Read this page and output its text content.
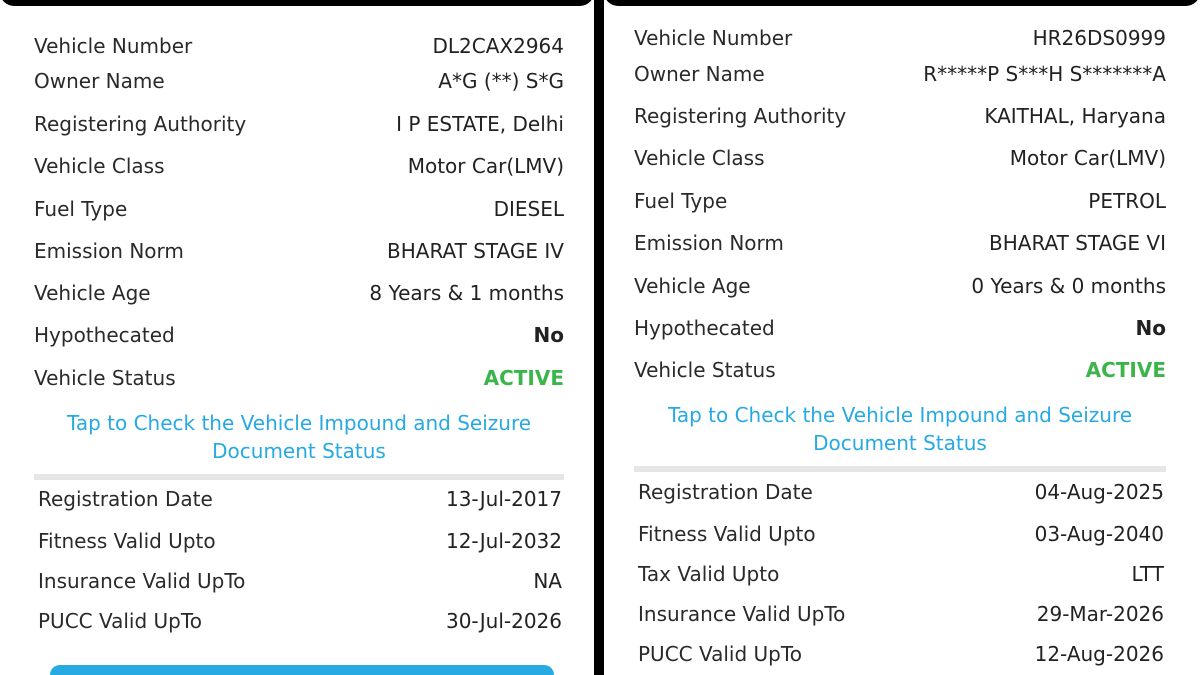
Vehicle Number	DL2CAX2964
Owner Name	A*G (**) S*G
Registering Authority	I P ESTATE, Delhi
Vehicle Class	Motor Car(LMV)
Fuel Type	DIESEL
Emission Norm	BHARAT STAGE IV
Vehicle Age	8 Years & 1 months
Hypothecated	No
Vehicle Status	ACTIVE
Tap to Check the Vehicle Impound and Seizure
Document Status
Registration Date	13-Jul-2017
Fitness Valid Upto	12-Jul-2032
Insurance Valid UpTo	NA
PUCC Valid UpTo	30-Jul-2026
Vehicle Number	HR26DS0999
Owner Name	R*****P S***H S*******A
Registering Authority	KAITHAL, Haryana
Vehicle Class	Motor Car(LMV)
Fuel Type	PETROL
Emission Norm	BHARAT STAGE VI
Vehicle Age	0 Years & 0 months
Hypothecated	No
Vehicle Status	ACTIVE
Tap to Check the Vehicle Impound and Seizure
Document Status
Registration Date	04-Aug-2025
Fitness Valid Upto	03-Aug-2040
Tax Valid Upto	LTT
Insurance Valid UpTo	29-Mar-2026
PUCC Valid UpTo	12-Aug-2026
